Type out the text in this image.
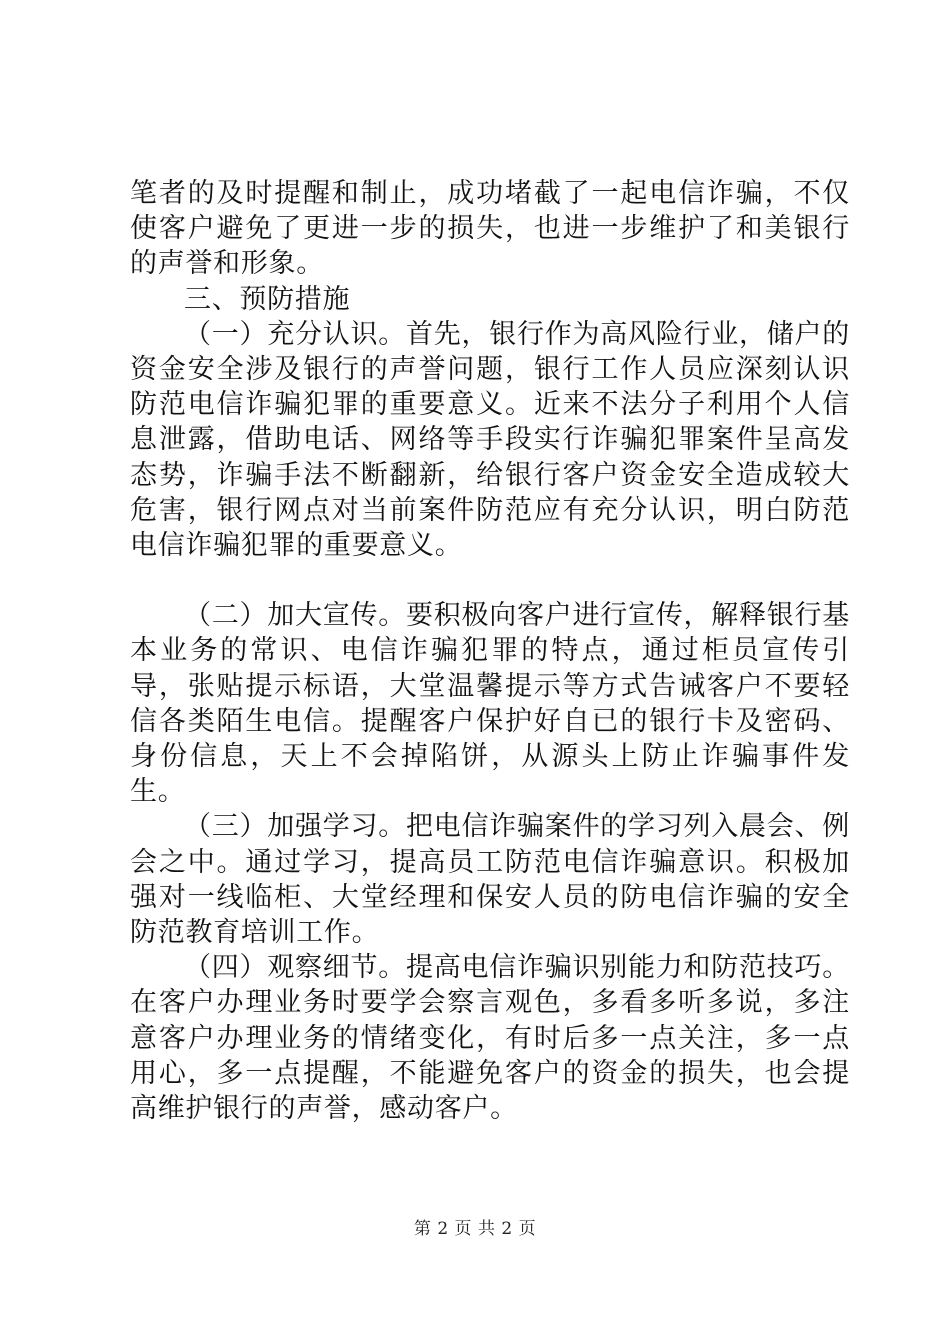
笔者的及时提醒和制止，成功堵截了一起电信诈骗，不仅使客户避免了更进一步的损失，也进一步维护了和美银行的声誉和形象。

三、预防措施

（一）充分认识。首先，银行作为高风险行业，储户的资金安全涉及银行的声誉问题，银行工作人员应深刻认识防范电信诈骗犯罪的重要意义。近来不法分子利用个人信息泄露，借助电话、网络等手段实行诈骗犯罪案件呈高发态势，诈骗手法不断翻新，给银行客户资金安全造成较大危害，银行网点对当前案件防范应有充分认识，明白防范电信诈骗犯罪的重要意义。

（二）加大宣传。要积极向客户进行宣传，解释银行基本业务的常识、电信诈骗犯罪的特点，通过柜员宣传引导，张贴提示标语，大堂温馨提示等方式告诫客户不要轻信各类陌生电信。提醒客户保护好自已的银行卡及密码、身份信息，天上不会掉陷饼，从源头上防止诈骗事件发生。

（三）加强学习。把电信诈骗案件的学习列入晨会、例会之中。通过学习，提高员工防范电信诈骗意识。积极加强对一线临柜、大堂经理和保安人员的防电信诈骗的安全防范教育培训工作。

（四）观察细节。提高电信诈骗识别能力和防范技巧。在客户办理业务时要学会察言观色，多看多听多说，多注意客户办理业务的情绪变化，有时后多一点关注，多一点用心，多一点提醒，不能避免客户的资金的损失，也会提高维护银行的声誉，感动客户。

第 2 页 共 2 页
